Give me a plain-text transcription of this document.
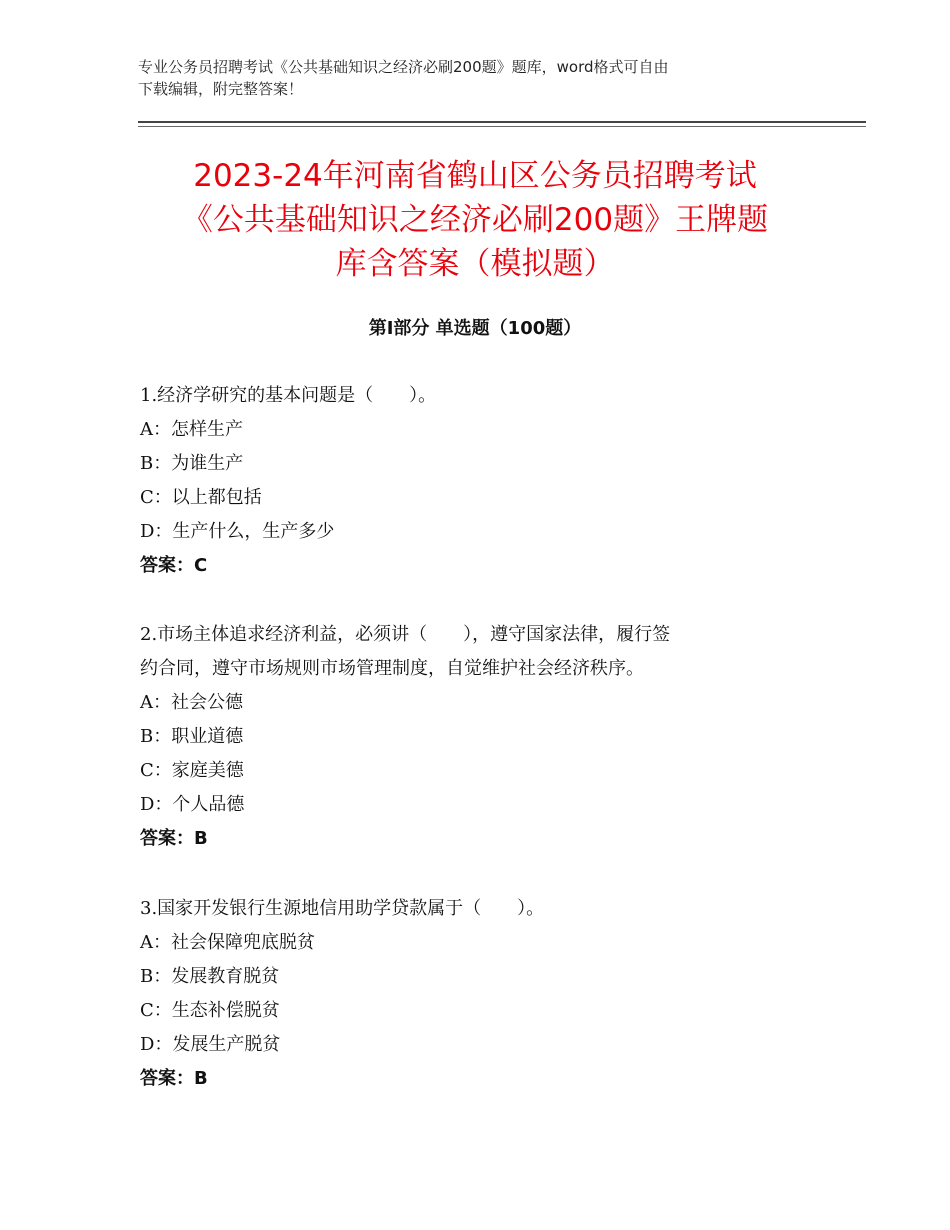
专业公务员招聘考试《公共基础知识之经济必刷200题》题库，word格式可自由
下载编辑，附完整答案！
2023-24年河南省鹤山区公务员招聘考试
《公共基础知识之经济必刷200题》王牌题
库含答案（模拟题）
第Ⅰ部分 单选题（100题）
1.经济学研究的基本问题是（　　）。
A：怎样生产
B：为谁生产
C：以上都包括
D：生产什么，生产多少
答案：C
2.市场主体追求经济利益，必须讲（　　），遵守国家法律，履行签
约合同，遵守市场规则市场管理制度，自觉维护社会经济秩序。
A：社会公德
B：职业道德
C：家庭美德
D：个人品德
答案：B
3.国家开发银行生源地信用助学贷款属于（　　）。
A：社会保障兜底脱贫
B：发展教育脱贫
C：生态补偿脱贫
D：发展生产脱贫
答案：B
